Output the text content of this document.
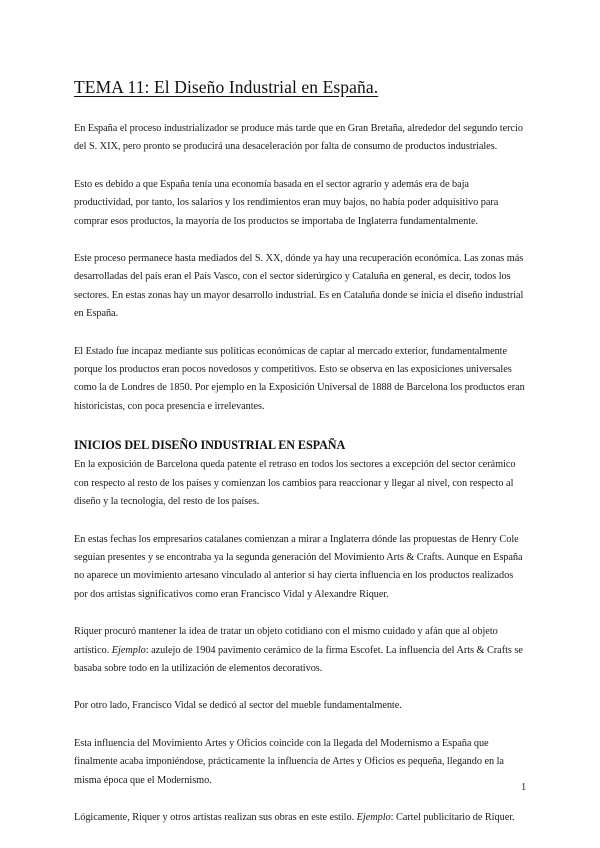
TEMA 11: El Diseño Industrial en España.

En España el proceso industrializador se produce más tarde que en Gran Bretaña, alrededor del segundo tercio del S. XIX, pero pronto se producirá una desaceleración por falta de consumo de productos industriales.

Esto es debido a que España tenía una economía basada en el sector agrario y además era de baja productividad, por tanto, los salarios y los rendimientos eran muy bajos, no había poder adquisitivo para comprar esos productos, la mayoría de los productos se importaba de Inglaterra fundamentalmente.

Este proceso permanece hasta mediados del S. XX, dónde ya hay una recuperación económica. Las zonas más desarrolladas del país eran el País Vasco, con el sector siderúrgico y Cataluña en general, es decir, todos los sectores. En estas zonas hay un mayor desarrollo industrial. Es en Cataluña donde se inicia el diseño industrial en España.

El Estado fue incapaz mediante sus políticas económicas de captar al mercado exterior, fundamentalmente porque los productos eran pocos novedosos y competitivos. Esto se observa en las exposiciones universales como la de Londres de 1850. Por ejemplo en la Exposición Universal de 1888 de Barcelona los productos eran historicistas, con poca presencia e irrelevantes.

INICIOS DEL DISEÑO INDUSTRIAL EN ESPAÑA

En la exposición de Barcelona queda patente el retraso en todos los sectores a excepción del sector cerámico con respecto al resto de los países y comienzan los cambios para reaccionar y llegar al nivel, con respecto al diseño y la tecnología, del resto de los países.

En estas fechas los empresarios catalanes comienzan a mirar a Inglaterra dónde las propuestas de Henry Cole seguían presentes y se encontraba ya la segunda generación del Movimiento Arts & Crafts. Aunque en España no aparece un movimiento artesano vinculado al anterior si hay cierta influencia en los productos realizados por dos artistas significativos como eran Francisco Vidal y Alexandre Riquer.

Riquer procuró mantener la idea de tratar un objeto cotidiano con el mismo cuidado y afán que al objeto artístico. Ejemplo: azulejo de 1904 pavimento cerámico de la firma Escofet. La influencia del Arts & Crafts se basaba sobre todo en la utilización de elementos decorativos.

Por otro lado, Francisco Vidal se dedicó al sector del mueble fundamentalmente.

Esta influencia del Movimiento Artes y Oficios coincide con la llegada del Modernismo a España que finalmente acaba imponiéndose, prácticamente la influencia de Artes y Oficios es pequeña, llegando en la misma época que el Modernismo.

Lógicamente, Riquer y otros artistas realizan sus obras en este estilo. Ejemplo: Cartel publicitario de Riquer.

1
